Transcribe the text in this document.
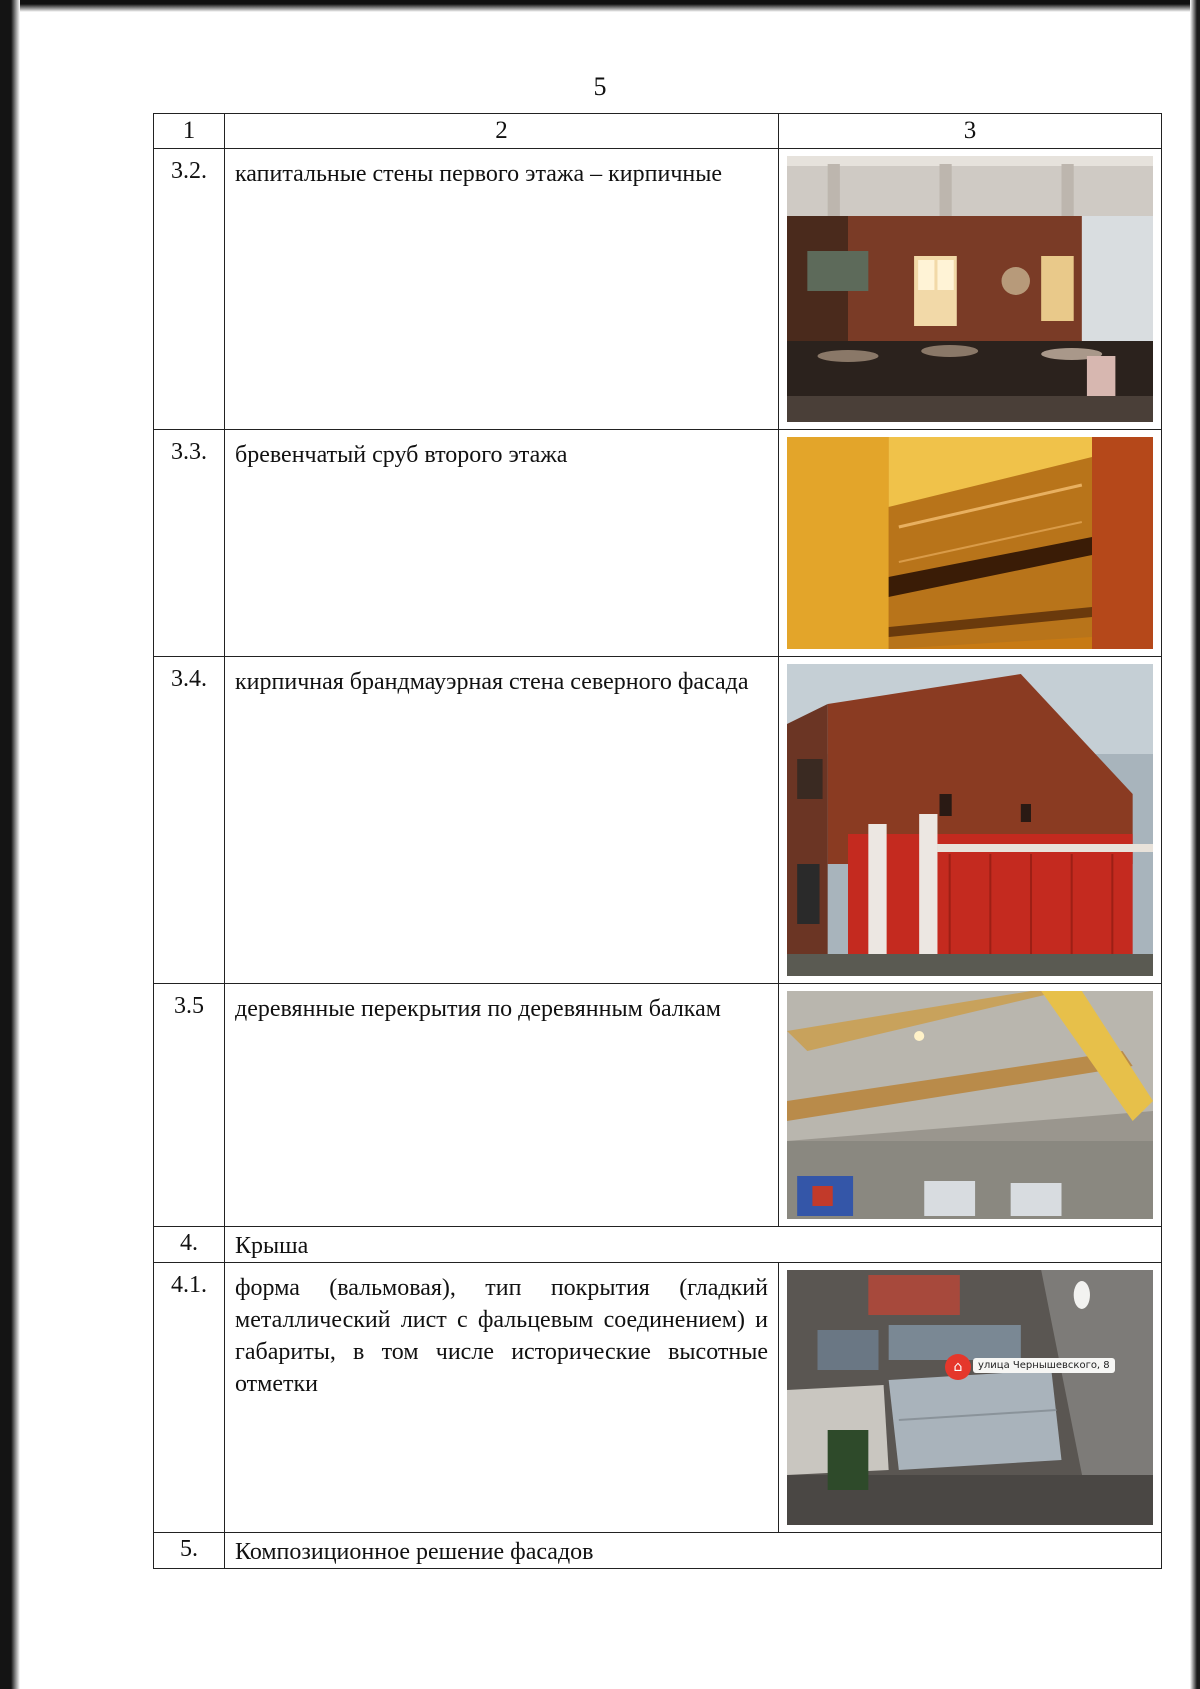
5
1	2	3
3.2.	капитальные стены первого этажа – кирпичные	

3.3.	бревенчатый сруб второго этажа	

3.4.	кирпичная брандмауэрная стена северного фасада	

3.5	деревянные перекрытия по деревянным балкам	

4.	Крыша	
4.1.	форма (вальмовая), тип покрытия (гладкий металлический лист с фальцевым соединением) и габариты, в том числе исторические высотные отметки	⌂ улица Чернышевского, 8

5.	Композиционное решение фасадов	
